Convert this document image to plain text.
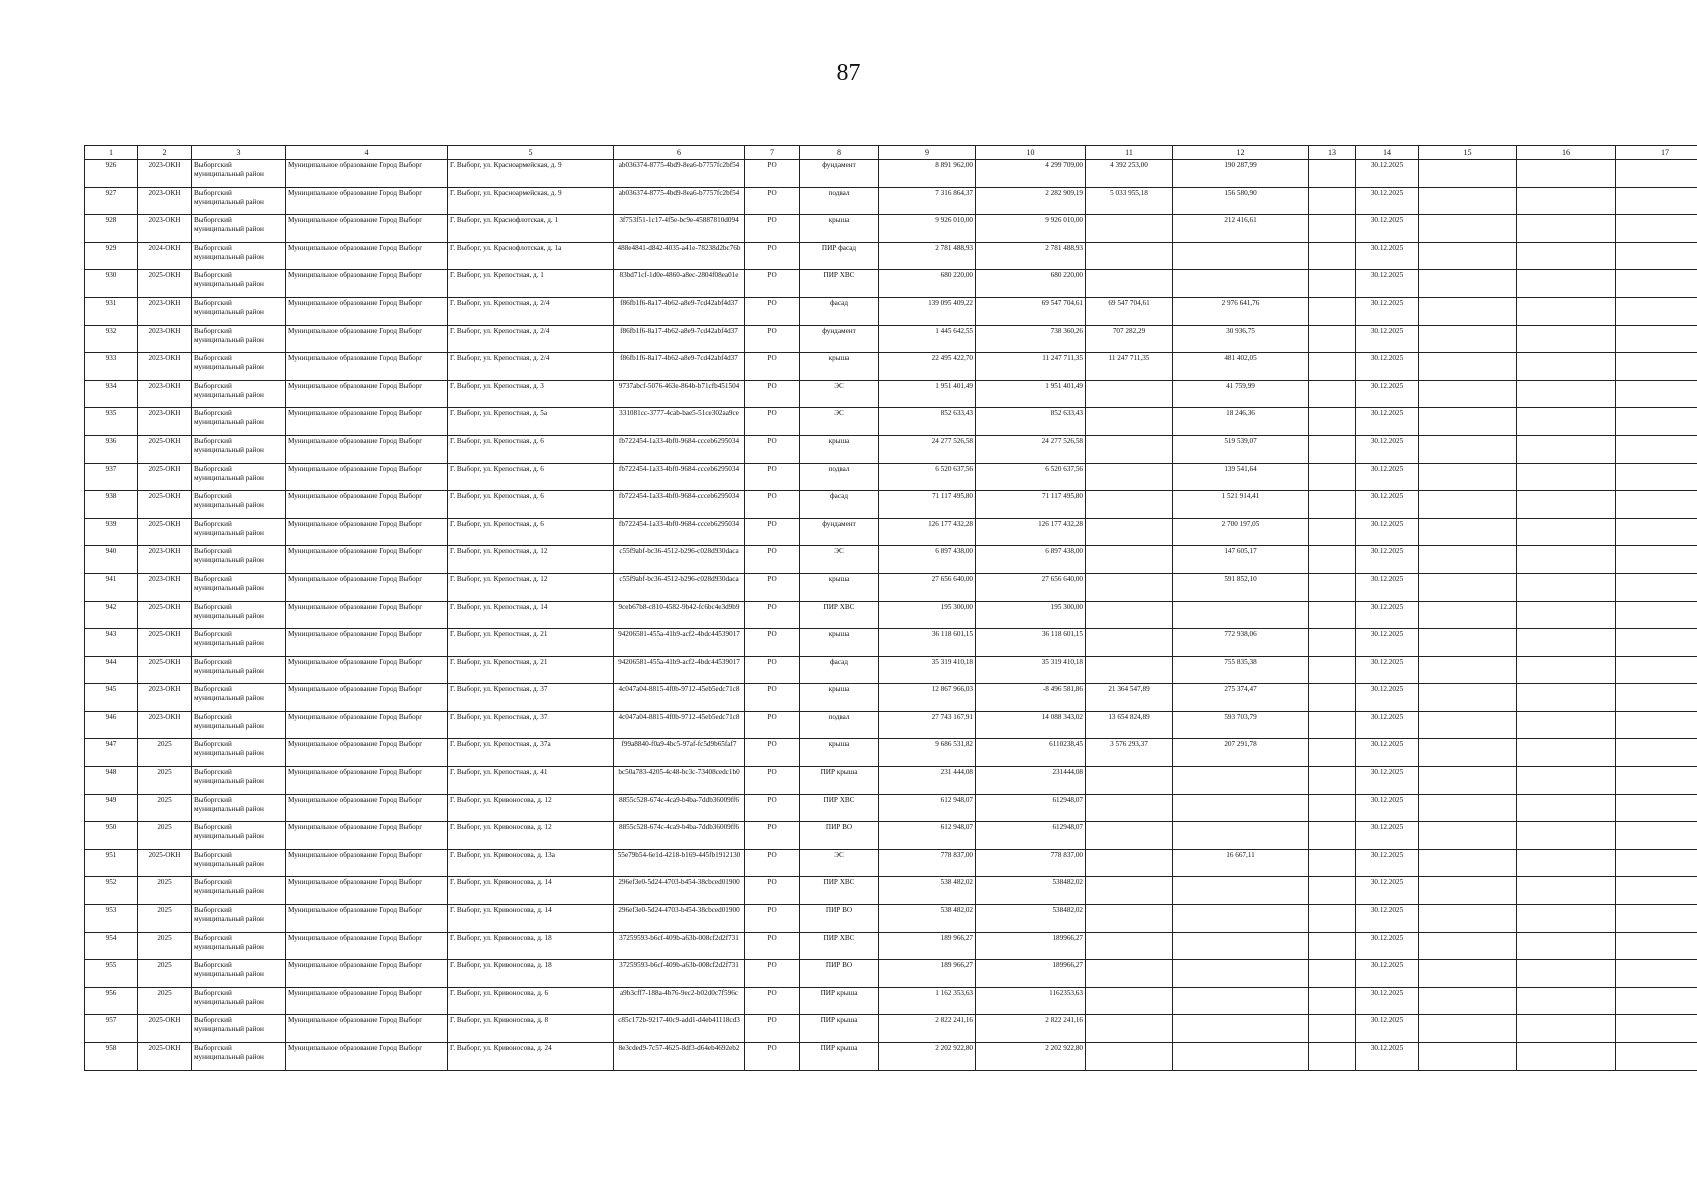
87
1	2	3	4	5	6	7	8	9	10	11	12	13	14	15	16	17
926	2023-ОКН	Выборгский муниципальный район	Муниципальное образование Город Выборг	Г. Выборг, ул. Красноармейская, д. 9	ab036374-8775-4bd9-8ea6-b7757fc2bf54	РО	фундамент	8 891 962,00	4 299 709,00	4 392 253,00	190 287,99		30.12.2025			
927	2023-ОКН	Выборгский муниципальный район	Муниципальное образование Город Выборг	Г. Выборг, ул. Красноармейская, д. 9	ab036374-8775-4bd9-8ea6-b7757fc2bf54	РО	подвал	7 316 864,37	2 282 909,19	5 033 955,18	156 580,90		30.12.2025			
928	2023-ОКН	Выборгский муниципальный район	Муниципальное образование Город Выборг	Г. Выборг, ул. Краснофлотская, д. 1	3f753f51-1c17-4f5e-bc9e-45887810d094	РО	крыша	9 926 010,00	9 926 010,00		212 416,61		30.12.2025			
929	2024-ОКН	Выборгский муниципальный район	Муниципальное образование Город Выборг	Г. Выборг, ул. Краснофлотская, д. 1а	488e4841-d842-4035-a41e-78238d2bc76b	РО	ПИР фасад	2 781 488,93	2 781 488,93				30.12.2025			
930	2025-ОКН	Выборгский муниципальный район	Муниципальное образование Город Выборг	Г. Выборг, ул. Крепостная, д. 1	83bd71cf-1d0e-4860-a8ec-2804f08ea01e	РО	ПИР ХВС	680 220,00	680 220,00				30.12.2025			
931	2023-ОКН	Выборгский муниципальный район	Муниципальное образование Город Выборг	Г. Выборг, ул. Крепостная, д. 2/4	f86fb1f6-8a17-4b62-a8e9-7cd42abf4d37	РО	фасад	139 095 409,22	69 547 704,61	69 547 704,61	2 976 641,76		30.12.2025			
932	2023-ОКН	Выборгский муниципальный район	Муниципальное образование Город Выборг	Г. Выборг, ул. Крепостная, д. 2/4	f86fb1f6-8a17-4b62-a8e9-7cd42abf4d37	РО	фундамент	1 445 642,55	738 360,26	707 282,29	30 936,75		30.12.2025			
933	2023-ОКН	Выборгский муниципальный район	Муниципальное образование Город Выборг	Г. Выборг, ул. Крепостная, д. 2/4	f86fb1f6-8a17-4b62-a8e9-7cd42abf4d37	РО	крыша	22 495 422,70	11 247 711,35	11 247 711,35	481 402,05		30.12.2025			
934	2023-ОКН	Выборгский муниципальный район	Муниципальное образование Город Выборг	Г. Выборг, ул. Крепостная, д. 3	9737abcf-5076-463e-864b-b71cfb451504	РО	ЭС	1 951 401,49	1 951 401,49		41 759,99		30.12.2025			
935	2023-ОКН	Выборгский муниципальный район	Муниципальное образование Город Выборг	Г. Выборг, ул. Крепостная, д. 5а	331081cc-3777-4cab-bae5-51ce302aa9ce	РО	ЭС	852 633,43	852 633,43		18 246,36		30.12.2025			
936	2025-ОКН	Выборгский муниципальный район	Муниципальное образование Город Выборг	Г. Выборг, ул. Крепостная, д. 6	fb722454-1a33-4bf0-9684-ccceb6295034	РО	крыша	24 277 526,58	24 277 526,58		519 539,07		30.12.2025			
937	2025-ОКН	Выборгский муниципальный район	Муниципальное образование Город Выборг	Г. Выборг, ул. Крепостная, д. 6	fb722454-1a33-4bf0-9684-ccceb6295034	РО	подвал	6 520 637,56	6 520 637,56		139 541,64		30.12.2025			
938	2025-ОКН	Выборгский муниципальный район	Муниципальное образование Город Выборг	Г. Выборг, ул. Крепостная, д. 6	fb722454-1a33-4bf0-9684-ccceb6295034	РО	фасад	71 117 495,80	71 117 495,80		1 521 914,41		30.12.2025			
939	2025-ОКН	Выборгский муниципальный район	Муниципальное образование Город Выборг	Г. Выборг, ул. Крепостная, д. 6	fb722454-1a33-4bf0-9684-ccceb6295034	РО	фундамент	126 177 432,28	126 177 432,28		2 700 197,05		30.12.2025			
940	2023-ОКН	Выборгский муниципальный район	Муниципальное образование Город Выборг	Г. Выборг, ул. Крепостная, д. 12	c55f9abf-bc36-4512-b296-c028d930daca	РО	ЭС	6 897 438,00	6 897 438,00		147 605,17		30.12.2025			
941	2023-ОКН	Выборгский муниципальный район	Муниципальное образование Город Выборг	Г. Выборг, ул. Крепостная, д. 12	c55f9abf-bc36-4512-b296-c028d930daca	РО	крыша	27 656 640,00	27 656 640,00		591 852,10		30.12.2025			
942	2025-ОКН	Выборгский муниципальный район	Муниципальное образование Город Выборг	Г. Выборг, ул. Крепостная, д. 14	9ceb67b8-c810-4582-9b42-fc6bc4e3d9b9	РО	ПИР ХВС	195 300,00	195 300,00				30.12.2025			
943	2025-ОКН	Выборгский муниципальный район	Муниципальное образование Город Выборг	Г. Выборг, ул. Крепостная, д. 21	94206581-455a-41b9-acf2-4bdc44539017	РО	крыша	36 118 601,15	36 118 601,15		772 938,06		30.12.2025			
944	2025-ОКН	Выборгский муниципальный район	Муниципальное образование Город Выборг	Г. Выборг, ул. Крепостная, д. 21	94206581-455a-41b9-acf2-4bdc44539017	РО	фасад	35 319 410,18	35 319 410,18		755 835,38		30.12.2025			
945	2023-ОКН	Выборгский муниципальный район	Муниципальное образование Город Выборг	Г. Выборг, ул. Крепостная, д. 37	4c047a04-8815-4f0b-9712-45eb5edc71c8	РО	крыша	12 867 966,03	-8 496 581,86	21 364 547,89	275 374,47		30.12.2025			
946	2023-ОКН	Выборгский муниципальный район	Муниципальное образование Город Выборг	Г. Выборг, ул. Крепостная, д. 37	4c047a04-8815-4f0b-9712-45eb5edc71c8	РО	подвал	27 743 167,91	14 088 343,02	13 654 824,89	593 703,79		30.12.2025			
947	2025	Выборгский муниципальный район	Муниципальное образование Город Выборг	Г. Выборг, ул. Крепостная, д. 37а	f99a8840-f0a9-4bc5-97af-fc5d9b65faf7	РО	крыша	9 686 531,82	6110238,45	3 576 293,37	207 291,78		30.12.2025			
948	2025	Выборгский муниципальный район	Муниципальное образование Город Выборг	Г. Выборг, ул. Крепостная, д. 41	bc50a783-4205-4c48-bc3c-73408cedc1b0	РО	ПИР крыша	231 444,08	231444,08				30.12.2025			
949	2025	Выборгский муниципальный район	Муниципальное образование Город Выборг	Г. Выборг, ул. Кривоносова, д. 12	8855c528-674c-4ca9-b4ba-7ddb36009ff6	РО	ПИР ХВС	612 948,07	612948,07				30.12.2025			
950	2025	Выборгский муниципальный район	Муниципальное образование Город Выборг	Г. Выборг, ул. Кривоносова, д. 12	8855c528-674c-4ca9-b4ba-7ddb36009ff6	РО	ПИР ВО	612 948,07	612948,07				30.12.2025			
951	2025-ОКН	Выборгский муниципальный район	Муниципальное образование Город Выборг	Г. Выборг, ул. Кривоносова, д. 13а	55e79b54-6e1d-4218-b169-445fb1912130	РО	ЭС	778 837,00	778 837,00		16 667,11		30.12.2025			
952	2025	Выборгский муниципальный район	Муниципальное образование Город Выборг	Г. Выборг, ул. Кривоносова, д. 14	296ef3e0-5d24-4703-b454-38cbced01900	РО	ПИР ХВС	538 482,02	538482,02				30.12.2025			
953	2025	Выборгский муниципальный район	Муниципальное образование Город Выборг	Г. Выборг, ул. Кривоносова, д. 14	296ef3e0-5d24-4703-b454-38cbced01900	РО	ПИР ВО	538 482,02	538482,02				30.12.2025			
954	2025	Выборгский муниципальный район	Муниципальное образование Город Выборг	Г. Выборг, ул. Кривоносова, д. 18	37259593-b6cf-409b-a63b-008cf2d2f731	РО	ПИР ХВС	189 966,27	189966,27				30.12.2025			
955	2025	Выборгский муниципальный район	Муниципальное образование Город Выборг	Г. Выборг, ул. Кривоносова, д. 18	37259593-b6cf-409b-a63b-008cf2d2f731	РО	ПИР ВО	189 966,27	189966,27				30.12.2025			
956	2025	Выборгский муниципальный район	Муниципальное образование Город Выборг	Г. Выборг, ул. Кривоносова, д. 6	a9b3cff7-188a-4b76-9ec2-b02d0c7f596c	РО	ПИР крыша	1 162 353,63	1162353,63				30.12.2025			
957	2025-ОКН	Выборгский муниципальный район	Муниципальное образование Город Выборг	Г. Выборг, ул. Кривоносова, д. 8	c85c172b-9217-40c9-add1-d4eb41118cd3	РО	ПИР крыша	2 822 241,16	2 822 241,16				30.12.2025			
958	2025-ОКН	Выборгский муниципальный район	Муниципальное образование Город Выборг	Г. Выборг, ул. Кривоносова, д. 24	8e3cded9-7c57-4625-8df3-d64eb4692eb2	РО	ПИР крыша	2 202 922,80	2 202 922,80				30.12.2025			
